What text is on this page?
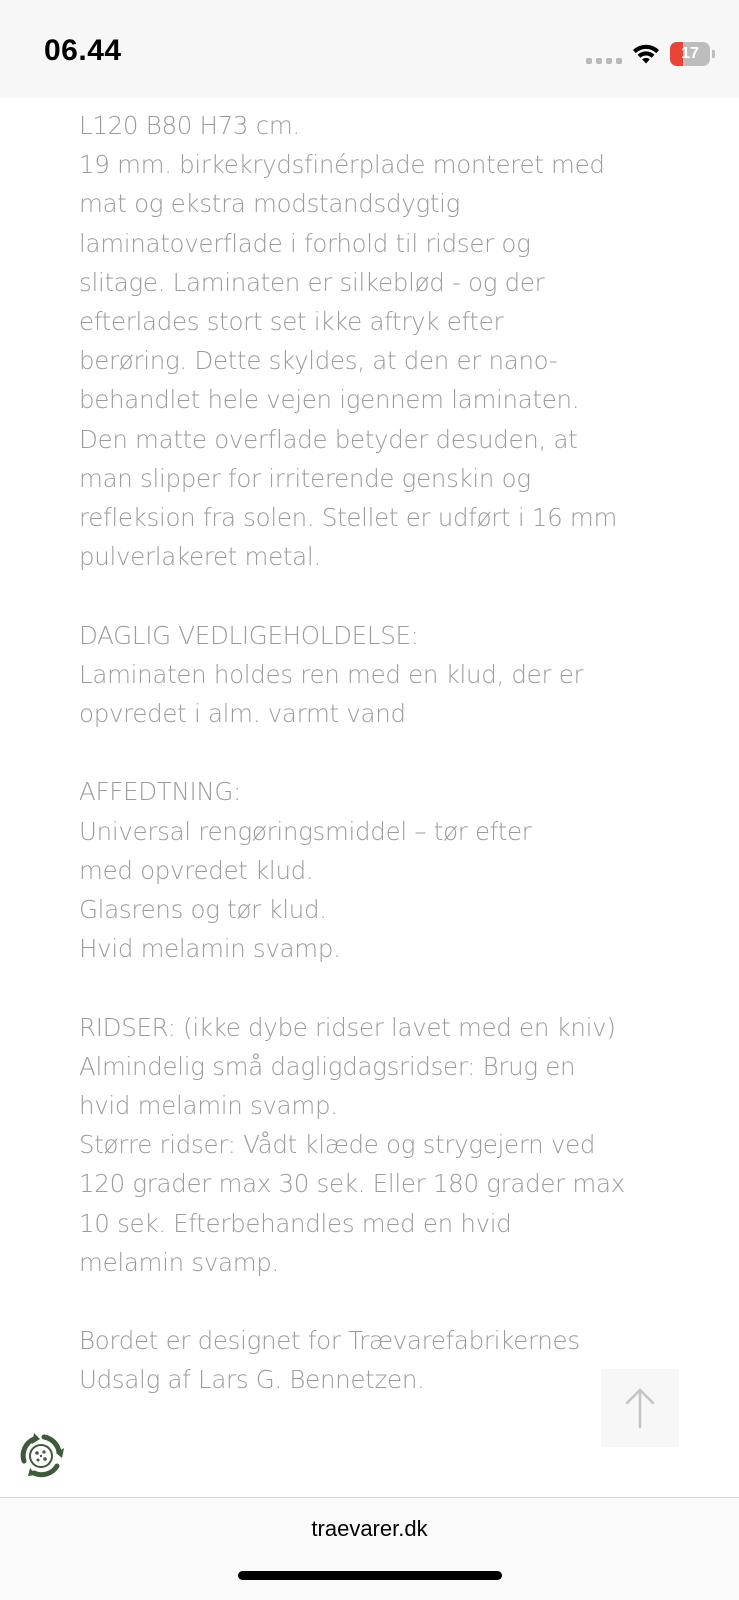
06.44	17
L120 B80 H73 cm.
19 mm. birkekrydsfinérplade monteret med
mat og ekstra modstandsdygtig
laminatoverflade i forhold til ridser og
slitage. Laminaten er silkeblød - og der
efterlades stort set ikke aftryk efter
berøring. Dette skyldes, at den er nano-
behandlet hele vejen igennem laminaten.
Den matte overflade betyder desuden, at
man slipper for irriterende genskin og
refleksion fra solen. Stellet er udført i 16 mm
pulverlakeret metal.
DAGLIG VEDLIGEHOLDELSE:
Laminaten holdes ren med en klud, der er
opvredet i alm. varmt vand
AFFEDTNING:
Universal rengøringsmiddel – tør efter
med opvredet klud.
Glasrens og tør klud.
Hvid melamin svamp.
RIDSER: (ikke dybe ridser lavet med en kniv)
Almindelig små dagligdagsridser: Brug en
hvid melamin svamp.
Større ridser: Vådt klæde og strygejern ved
120 grader max 30 sek. Eller 180 grader max
10 sek. Efterbehandles med en hvid
melamin svamp.
Bordet er designet for Trævarefabrikernes
Udsalg af Lars G. Bennetzen.
traevarer.dk
